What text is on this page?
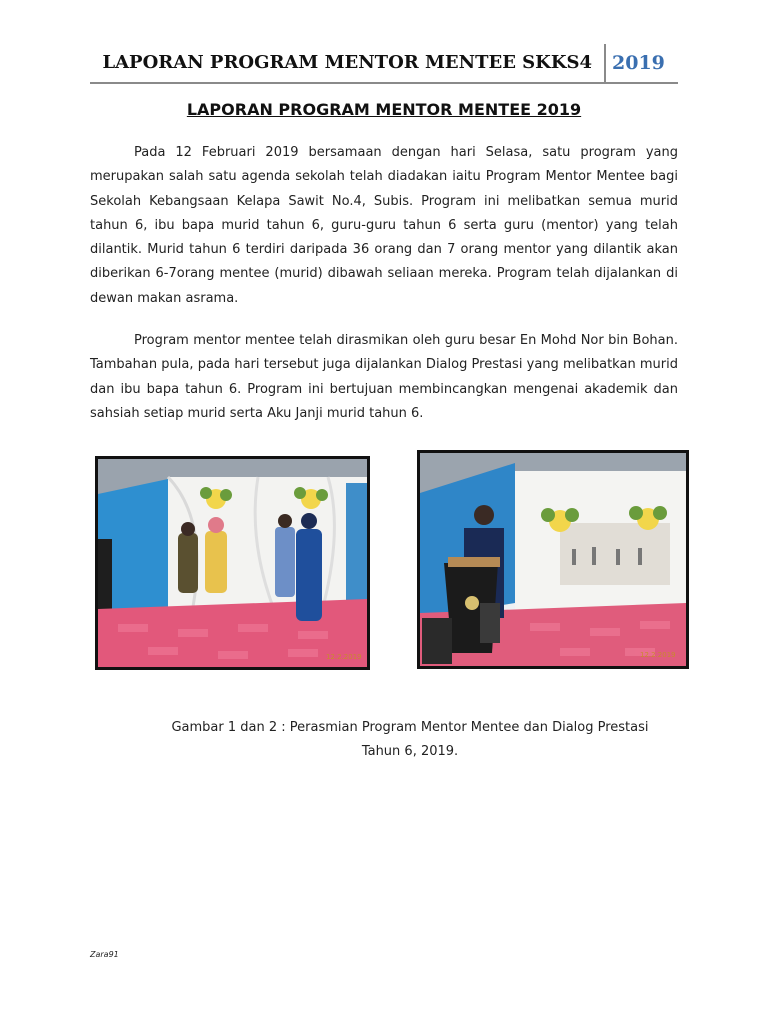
LAPORAN PROGRAM MENTOR MENTEE SKKS4 2019
LAPORAN PROGRAM MENTOR MENTEE 2019

Pada 12 Februari 2019 bersamaan dengan hari Selasa, satu program yang merupakan salah satu agenda sekolah telah diadakan iaitu Program Mentor Mentee bagi Sekolah Kebangsaan Kelapa Sawit No.4, Subis. Program ini melibatkan semua murid tahun 6, ibu bapa murid tahun 6, guru-guru tahun 6 serta guru (mentor) yang telah dilantik. Murid tahun 6 terdiri daripada 36 orang dan 7 orang mentor yang dilantik akan diberikan 6-7orang mentee (murid) dibawah seliaan mereka. Program telah dijalankan di dewan makan asrama.

Program mentor mentee telah dirasmikan oleh guru besar En Mohd Nor bin Bohan. Tambahan pula, pada hari tersebut juga dijalankan Dialog Prestasi yang melibatkan murid dan ibu bapa tahun 6. Program ini bertujuan membincangkan mengenai akademik dan sahsiah setiap murid serta Aku Janji murid tahun 6.

12.2.2019	12.2.2019
Gambar 1 dan 2 : Perasmian Program Mentor Mentee dan Dialog Prestasi
Tahun 6, 2019.
Zara91
